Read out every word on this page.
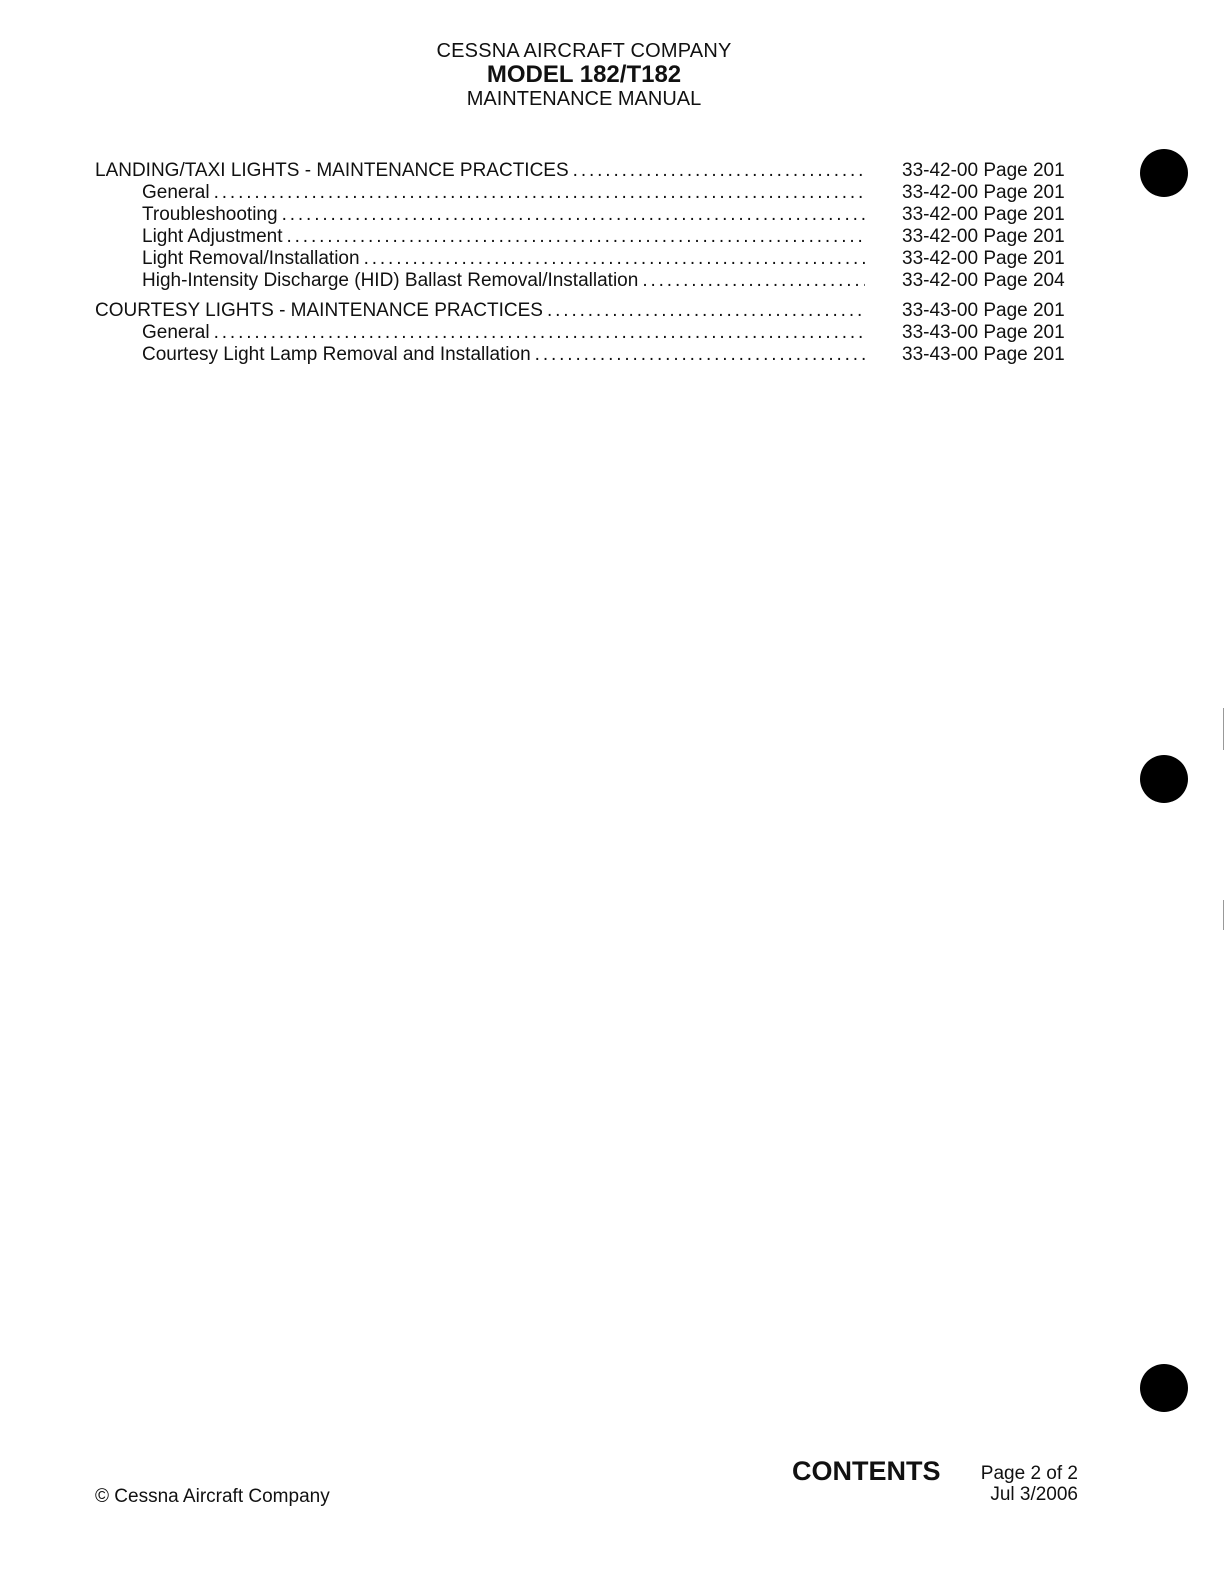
CESSNA AIRCRAFT COMPANY
MODEL 182/T182
MAINTENANCE MANUAL
LANDING/TAXI LIGHTS - MAINTENANCE PRACTICES . . .	33-42-00 Page 201
General . . .	33-42-00 Page 201
Troubleshooting . . .	33-42-00 Page 201
Light Adjustment . . .	33-42-00 Page 201
Light Removal/Installation . . .	33-42-00 Page 201
High-Intensity Discharge (HID) Ballast Removal/Installation . . .	33-42-00 Page 204
COURTESY LIGHTS - MAINTENANCE PRACTICES . . .	33-43-00 Page 201
General . . .	33-43-00 Page 201
Courtesy Light Lamp Removal and Installation . . .	33-43-00 Page 201
© Cessna Aircraft Company
CONTENTS Page 2 of 2
Jul 3/2006
